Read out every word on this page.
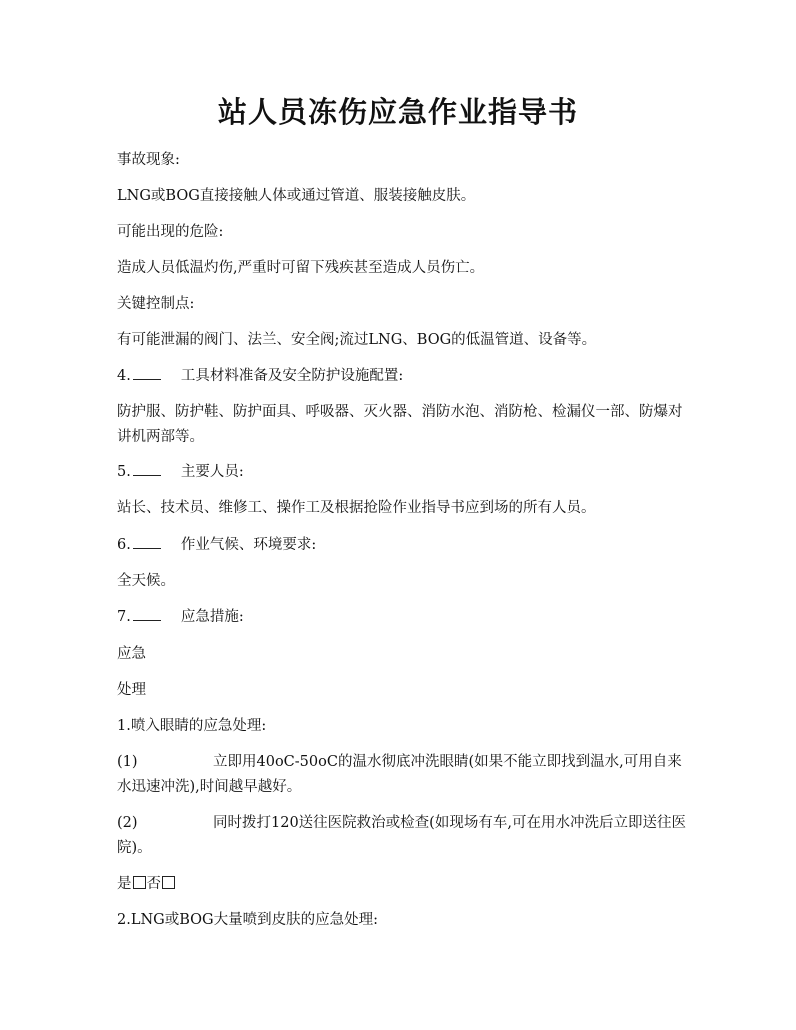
站人员冻伤应急作业指导书
事故现象:
LNG或BOG直接接触人体或通过管道、服装接触皮肤。
可能出现的危险:
造成人员低温灼伤,严重时可留下残疾甚至造成人员伤亡。
关键控制点:
有可能泄漏的阀门、法兰、安全阀;流过LNG、BOG的低温管道、设备等。
4.	工具材料准备及安全防护设施配置:
防护服、防护鞋、防护面具、呼吸器、灭火器、消防水泡、消防枪、检漏仪一部、防爆对讲机两部等。
5.	主要人员:
站长、技术员、维修工、操作工及根据抢险作业指导书应到场的所有人员。
6.	作业气候、环境要求:
全天候。
7.	应急措施:
应急
处理
1.喷入眼睛的应急处理:
(1)	立即用40oC-50oC的温水彻底冲洗眼睛(如果不能立即找到温水,可用自来水迅速冲洗),时间越早越好。
(2)	同时拨打120送往医院救治或检查(如现场有车,可在用水冲洗后立即送往医院)。
是 否
2.LNG或BOG大量喷到皮肤的应急处理:
